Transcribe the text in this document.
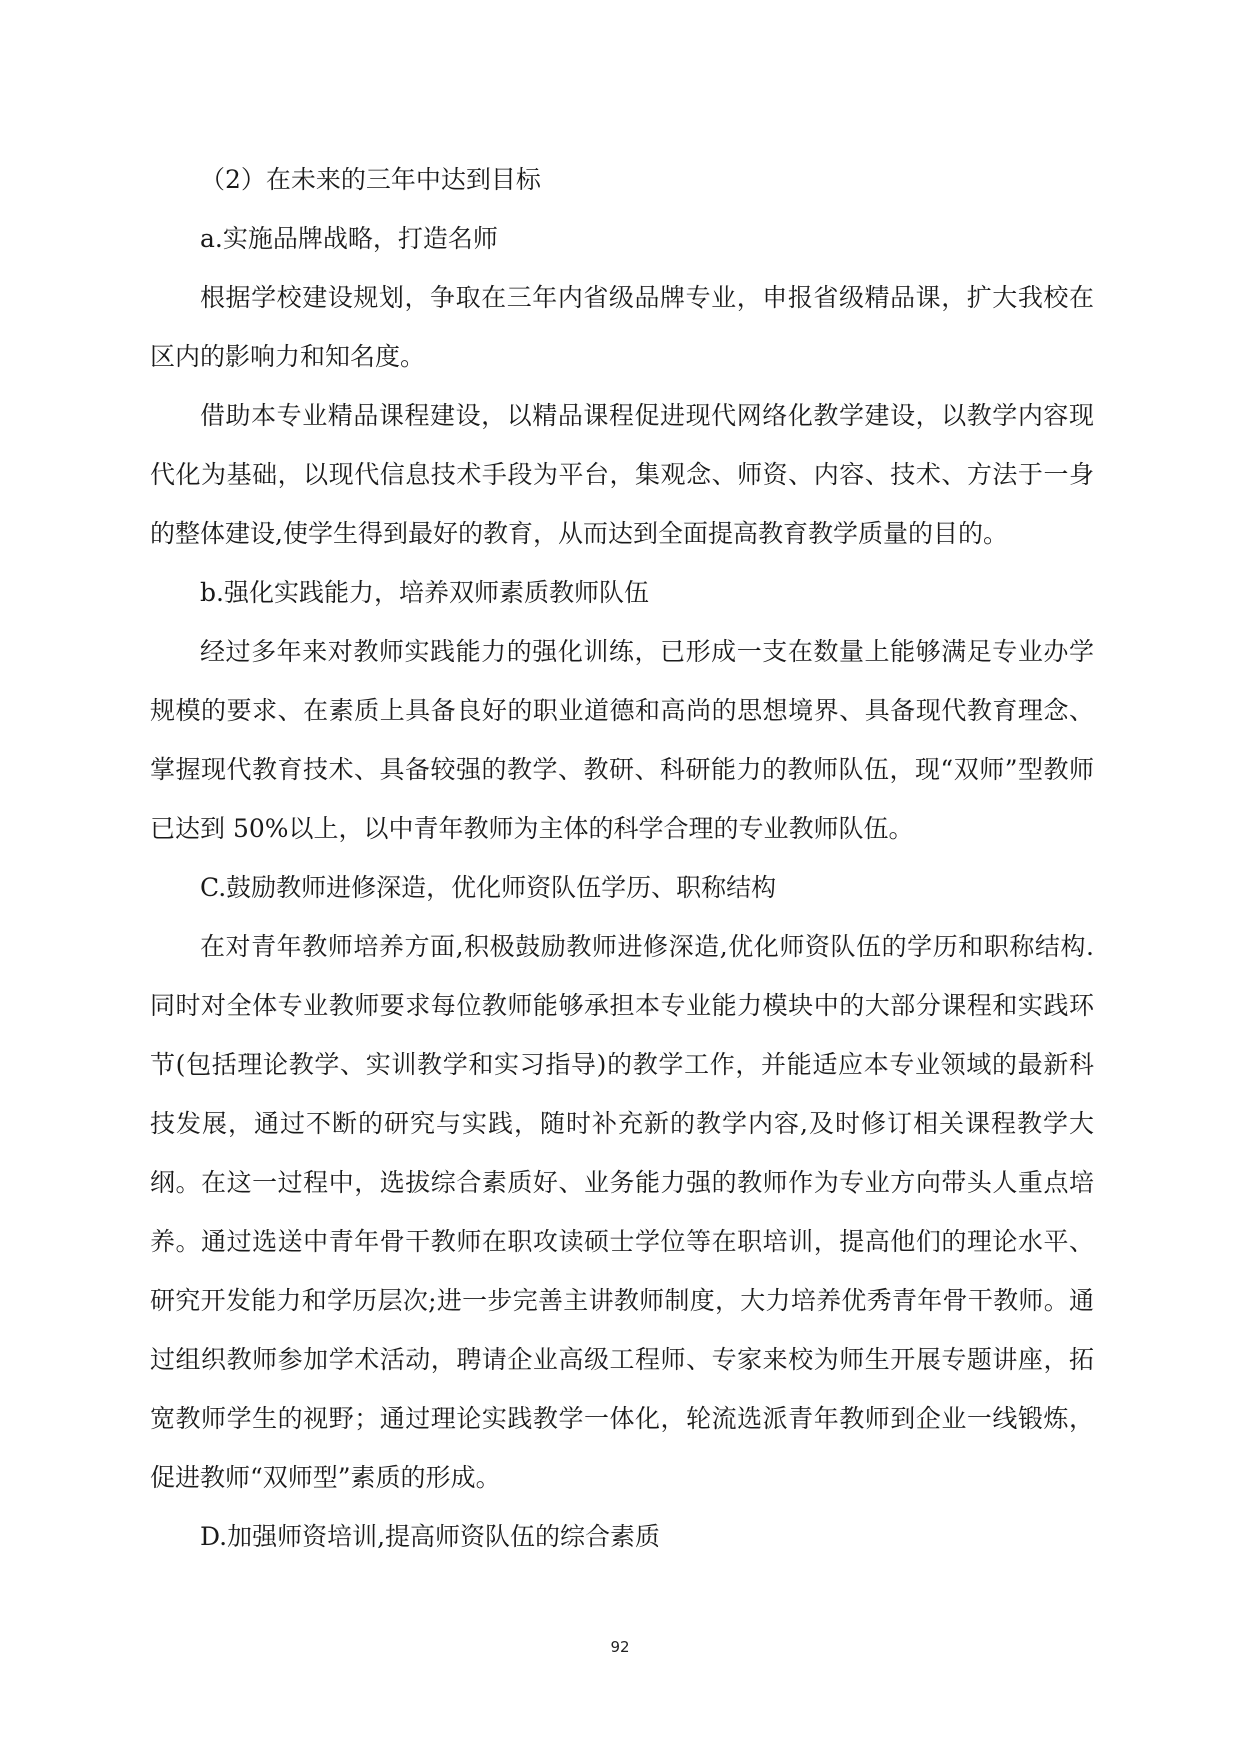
（2）在未来的三年中达到目标
a.实施品牌战略，打造名师

根据学校建设规划，争取在三年内省级品牌专业，申报省级精品课，扩大我校在区内的影响力和知名度。

借助本专业精品课程建设，以精品课程促进现代网络化教学建设，以教学内容现代化为基础，以现代信息技术手段为平台，集观念、师资、内容、技术、方法于一身的整体建设,使学生得到最好的教育，从而达到全面提高教育教学质量的目的。

b.强化实践能力，培养双师素质教师队伍

经过多年来对教师实践能力的强化训练，已形成一支在数量上能够满足专业办学规模的要求、在素质上具备良好的职业道德和高尚的思想境界、具备现代教育理念、掌握现代教育技术、具备较强的教学、教研、科研能力的教师队伍，现“双师”型教师已达到 50%以上，以中青年教师为主体的科学合理的专业教师队伍。

C.鼓励教师进修深造，优化师资队伍学历、职称结构

在对青年教师培养方面,积极鼓励教师进修深造,优化师资队伍的学历和职称结构.同时对全体专业教师要求每位教师能够承担本专业能力模块中的大部分课程和实践环节(包括理论教学、实训教学和实习指导)的教学工作，并能适应本专业领域的最新科技发展，通过不断的研究与实践，随时补充新的教学内容,及时修订相关课程教学大纲。在这一过程中，选拔综合素质好、业务能力强的教师作为专业方向带头人重点培养。通过选送中青年骨干教师在职攻读硕士学位等在职培训，提高他们的理论水平、研究开发能力和学历层次;进一步完善主讲教师制度，大力培养优秀青年骨干教师。通过组织教师参加学术活动，聘请企业高级工程师、专家来校为师生开展专题讲座，拓宽教师学生的视野；通过理论实践教学一体化，轮流选派青年教师到企业一线锻炼，促进教师“双师型”素质的形成。

D.加强师资培训,提高师资队伍的综合素质
92
